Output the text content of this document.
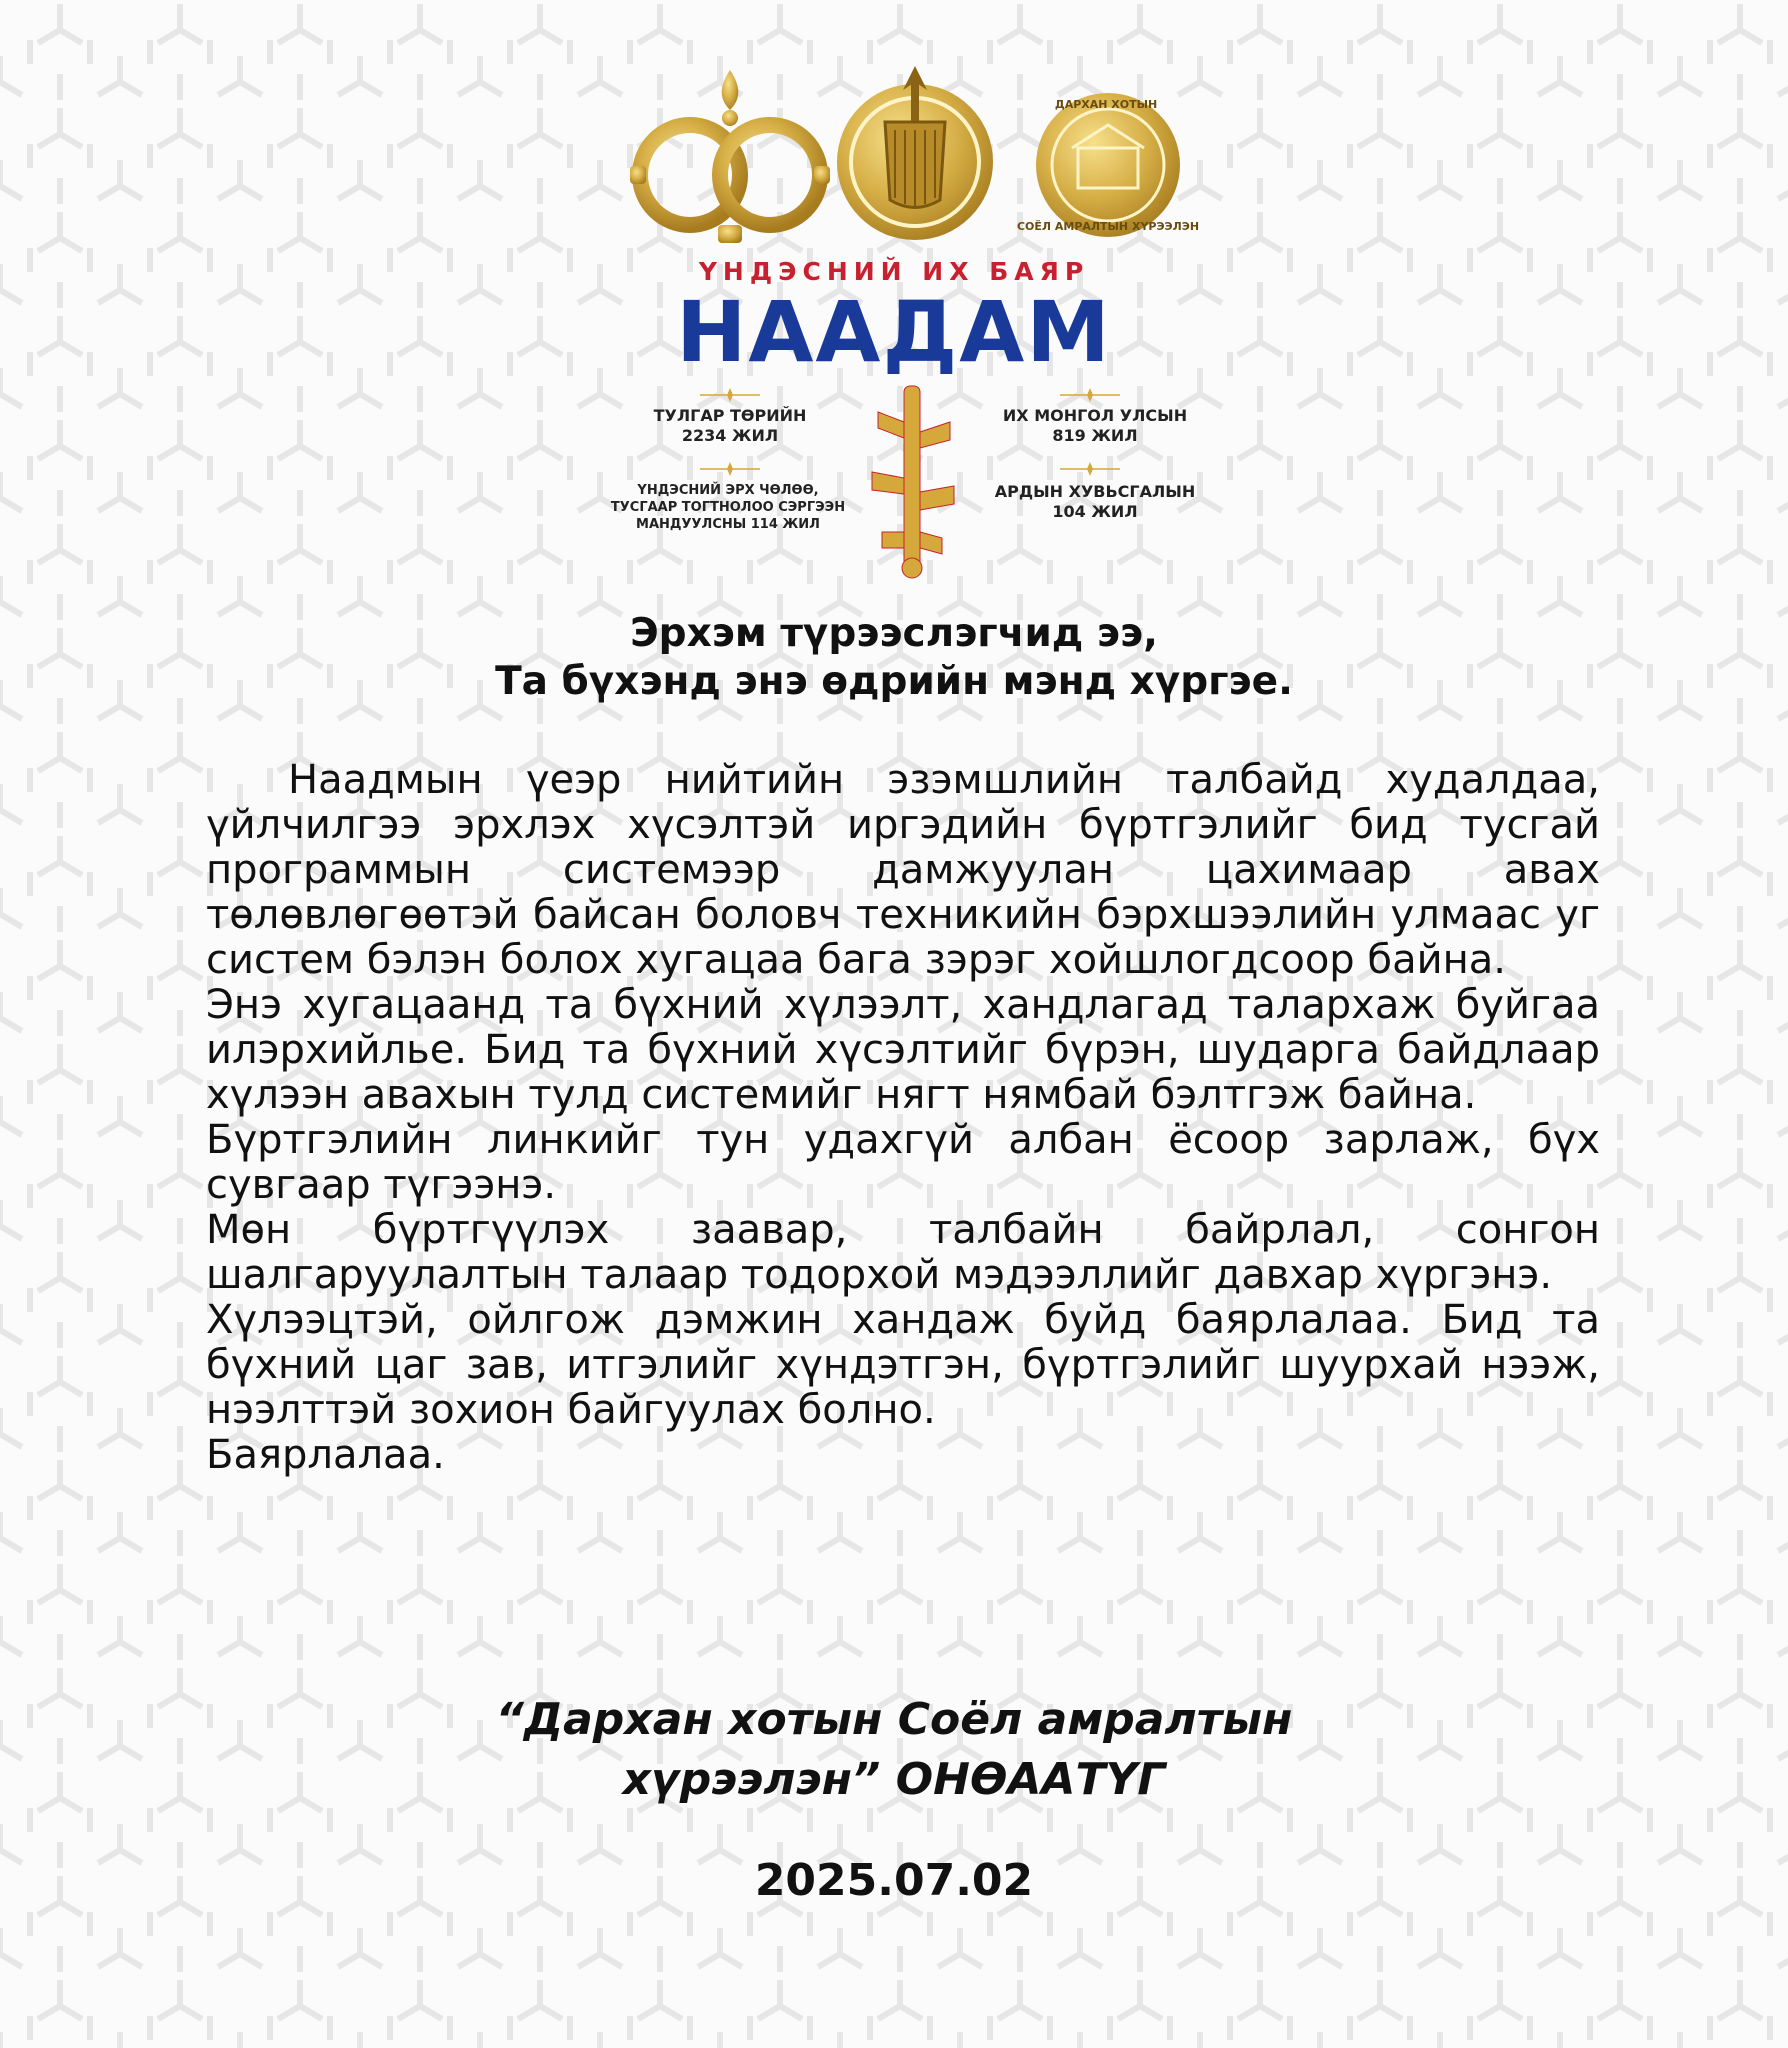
ДАРХАН ХОТЫН СОЁЛ АМРАЛТЫН ХҮРЭЭЛЭН
ҮНДЭСНИЙ ИХ БАЯР
НААДАМ
ТУЛГАР ТӨРИЙН
2234 ЖИЛ
ИХ МОНГОЛ УЛСЫН
819 ЖИЛ
ҮНДЭСНИЙ ЭРХ ЧӨЛӨӨ,
ТУСГААР ТОГТНОЛОО СЭРГЭЭН
МАНДУУЛСНЫ 114 ЖИЛ
АРДЫН ХУВЬСГАЛЫН
104 ЖИЛ
Эрхэм түрээслэгчид ээ,
Та бүхэнд энэ өдрийн мэнд хүргэе.

Наадмын үеэр нийтийн эзэмшлийн талбайд худалдаа, үйлчилгээ эрхлэх хүсэлтэй иргэдийн бүртгэлийг бид тусгай программын системээр дамжуулан цахимаар авах төлөвлөгөөтэй байсан боловч техникийн бэрхшээлийн улмаас уг систем бэлэн болох хугацаа бага зэрэг хойшлогдсоор байна.

Энэ хугацаанд та бүхний хүлээлт, хандлагад талархаж буйгаа илэрхийлье. Бид та бүхний хүсэлтийг бүрэн, шударга байдлаар хүлээн авахын тулд системийг нягт нямбай бэлтгэж байна.

Бүртгэлийн линкийг тун удахгүй албан ёсоор зарлаж, бүх сувгаар түгээнэ.

Мөн бүртгүүлэх заавар, талбайн байрлал, сонгон шалгаруулалтын талаар тодорхой мэдээллийг давхар хүргэнэ.

Хүлээцтэй, ойлгож дэмжин хандаж буйд баярлалаа. Бид та бүхний цаг зав, итгэлийг хүндэтгэн, бүртгэлийг шуурхай нээж, нээлттэй зохион байгуулах болно.

Баярлалаа.

“Дархан хотын Соёл амралтын
хүрээлэн” ОНӨААТҮГ
2025.07.02
